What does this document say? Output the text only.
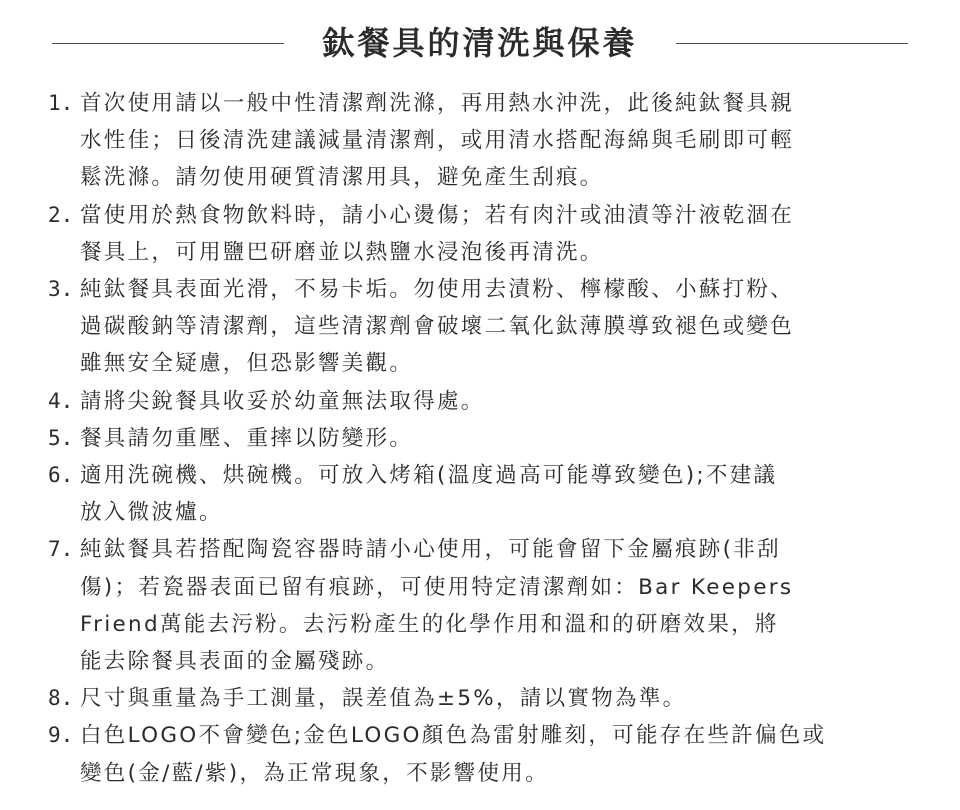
鈦餐具的清洗與保養
1. 首次使用請以一般中性清潔劑洗滌，再用熱水沖洗，此後純鈦餐具親
水性佳；日後清洗建議減量清潔劑，或用清水搭配海綿與毛刷即可輕
鬆洗滌。請勿使用硬質清潔用具，避免產生刮痕。
2. 當使用於熱食物飲料時，請小心燙傷；若有肉汁或油漬等汁液乾涸在
餐具上，可用鹽巴研磨並以熱鹽水浸泡後再清洗。
3. 純鈦餐具表面光滑，不易卡垢。勿使用去漬粉、檸檬酸、小蘇打粉、
過碳酸鈉等清潔劑，這些清潔劑會破壞二氧化鈦薄膜導致褪色或變色
雖無安全疑慮，但恐影響美觀。
4. 請將尖銳餐具收妥於幼童無法取得處。
5. 餐具請勿重壓、重摔以防變形。
6. 適用洗碗機、烘碗機。可放入烤箱(溫度過高可能導致變色);不建議
放入微波爐。
7. 純鈦餐具若搭配陶瓷容器時請小心使用，可能會留下金屬痕跡(非刮
傷)；若瓷器表面已留有痕跡，可使用特定清潔劑如：Bar Keepers
Friend萬能去污粉。去污粉產生的化學作用和溫和的研磨效果，將
能去除餐具表面的金屬殘跡。
8. 尺寸與重量為手工測量，誤差值為±5%，請以實物為準。
9. 白色LOGO不會變色;金色LOGO顏色為雷射雕刻，可能存在些許偏色或
變色(金/藍/紫)，為正常現象，不影響使用。
